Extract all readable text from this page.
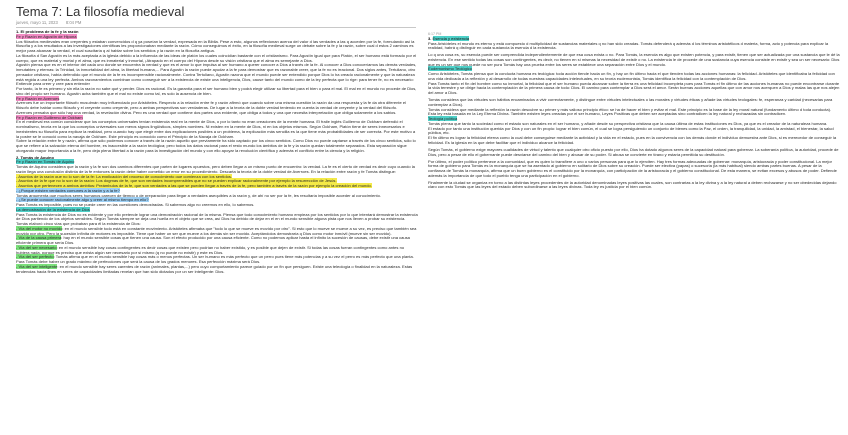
Tema 7: La filosofía medieval
jueves, mayo 11, 2023 8:04 PM

1. El problema de la fe y la razón

Fe y Razón en Agustín de Hipona

Los filósofos medievales eran creyentes y estaban convencidos d q ya poseían la verdad, expresada en la Biblia. Pese a esto, algunos reflexionan acerca del valor d las verdades a las q acceden por la fe, formulando así la filosofía y a los resultados a las investigaciones científicas les proporcionaban mediante la razón. Cómo conseguimos el éxito, en la filosofía medieval surge un debate sobre la fe y la razón, sobre cual d estos 2 caminos es mejor para alcanzar la verdad, el cual suscitaría q al hablar sobre los sentidos y la razón en la filosofía antigua.

La filosofía d San Agustín es la más aceptada a la iglesia debido a la influencia de las ideas de platón los cuales coincidían bastante con el cristianismo. Para Agustín igual que para Platón, el ser humano está formado por el cuerpo, que es material y mortal y el alma, que es inmaterial y inmortal, ¡Atrapado en el cuerpo del Hipona desde su visión cristiana que el alma es semejante a Dios.

Agustín piensa que es en el interior del cada uno donde se encuentra la verdad y que es el amor lo que impulsa al ser humano a querer conocer a Dios a través de la fe. Al conocer a Dios conoceríamos las demás verdades, inmutables y eternas: la Trinidad, la inmortalidad del alma, la libertad humana,... Para Agustín la razón puede ayudar a la fe para demostrar que es razonable creer, que la fe no es irracional. Dos siglos antes, Tertuliano, otro pensador cristiano, había defendido que el mundo de la fe es incomprensible racionalmente. Contra Tertuliano, Agustín razona que el mundo puede ser entendido porque Dios lo ha creado racionalmente y que la naturaleza está regida a una ley perfecta. Ambos razonamientos combinan como conseguir ser a la existencia de existe una inteligencia, Dios, cause tanto del mundo como de la ley perfecta que lo rige: para tener fe, no es necesario:

Entiende para creer y cree para entender

Por tanto, la fe es primero y sin ella la razón no sabe qué y perder. Dios es racional. Es la garantía para el ser humano bien y podrá elegir utilizar su libertad para el bien o para el mal. El mal en el mundo no procede de Dios, sino del propio ser humano. Agustín acha también que el mal no existe como tal, es solo la ausencia de bien.

Fe y Razón en Averroes

Averroes fue un importante filósofo musulmán muy influenciado por Aristóteles. Respecto a la relación entre fe y razón afirmó que cuando sobre una misma cuestión la razón da una respuesta y la fe da otra diferente el filósofo debe hablar como filósofo y el creyente como creyente, pero a ambas perspectivas son verdaderas. De lugar a la teoría de la doble verdad teniendo en cuenta la verdad de creyente y la verdad del filósofo.

Averroes pensaba que sólo hay una verdad, la revelación divina. Pero es una verdad que contiene dos partes una evidente, que obliga a todos y una que necesita interpretación que obliga solamente a los sabios.

Fe y Razón en Guillermo de Ockham

En el medieval era común considerar que los conceptos universales tenían existencia real en la mente de Dios, o por lo tanto no eran creaciones de la mente humana. El fraile inglés Guillermo de Ockham defendió el nominalismo, teoría en la que los conceptos universales son meros signos lingüísticos, simples nombres. Ni existen en la mente de Dios, ni en los objetos mismos. Según Ockham, Platón tiene de seres innecesarios e inexistentes su filosofía para explicar la realidad, pero cuando hay que elegir entre dos explicaciones posibles a un problema, la explicación más sencilla es la que tiene más probabilidades de ser correcta. Por este motivo a la postre se le conoció como la navaja de Ockham. Este principio es conocido como el Principio de la Navaja de Ockham.

Sobre la relación entre fe y razón, afirma que sólo podemos conocer a través de la razón aquello que previamente ha sido captado por los cinco sentidos. Como Dios no puede captarse a través de los cinco sentidos, sólo lo que se refiere a la salvación eterna del hombre, es inaccesible a la razón teológica; pero todos los datos racional para el resto mundo los ámbitos de la fe y la razón quedan totalmente separados. Esta separación sigue otorgando mayor importancia a la fe, pero deja plena libertad a la razón para la investigación del mundo y con ello apoyar la revolución científica y además el conflicto entre la ciencia y la religión.

2. Tomás de Aquino

Fe y Razón en Tomás de Aquino

Tomás de Aquino considera que la razón y la fe son dos caminos diferentes que parten de lugares opuestos, pero deben llegar a un mismo punto de encuentro: la verdad. La fe es el cierto de verdad es decir cuyo cuando la razón llega una conclusión distinta de la fe entonces la razón debe haber cometido un error en su procedimiento. Descarta la teoría de la doble verdad de Averroes. En la relación entre razón y fe Tomás distingue:

- Asuntos de la razón que no lo son de la fe: La explicación del proceso de conocimiento que comienza con los sentidos.

- Asuntos de la fe que no lo son de la razón: Los dogmas de fe, que son verdades incomprensibles que no se pueden explicar racionalmente por ejemplo la resurrección de Jesús.

- Asuntos que pertenecen a ambos ámbitos: Preámbulos de la fe, que son verdades a las que se pueden llegar a través de la fe, pero también a través de la razón por ejemplo la creación del mundo.

- ¿Porque existen verdades comunes a la razón y a la fe?

Tomás argumenta que muchos seres humanos carecen de tiempo o de preparación para llegar a verdades asequibles a la razón y, de ahí no ser por la fe, les resultaría imposible acceder al conocimiento.

- ¿Se puede conocer racionalmente algo y creer al mismo tiempo en ello?

Para Tomás es imposible, pues no se puede creer en las cuestiones demostradas. Si sabemos algo no creemos en ello, lo sabemos.

La demostración de la existencia de Dios

Para Tomás la existencia de Dios no es evidente y por ello pretende lograr una demostración racional de la misma. Piensa que todo conocimiento humano empieza por los sentidos por lo que intentará demostrar la existencia de Dios partiendo de los objetos sensibles. Según Tomás siempre se deja una huella en el objeto que se crea, así Dios ha debido de dejar en el en el mundo sensible alguna pista que nos lleven a probar su existencia. Tomás elaboró cinco vías que probaban para él la existencia de Dios:

- Vía del motor no movido: en el mundo sensible todo está en constante movimiento. Aristóteles afirmaba que "todo lo que se mueve es movido por otro". Si esto que lo mueve se mueve a su vez, es preciso que también sea movido por otro. Pero la sucesión infinita de motores es imposible. Tiene que haber un ser que mueve a los demás sin ser movido. Aceptándolos demostraría q Dios como motor inmóvil (mueve sin ser movido).

- Vía de la causa primera: hay en el mundo sensible cosas que tienen una causa. Son el efecto producido por una causa eficiente. Como no podemos aplicar hasta el infinito la sucesión de causas, debe existir una causa eficiente primera que sería Dios.

- Vía del ser necesario: en el mundo sensible hay cosas contingentes es decir cosas que existen pero podrían no haber existido, y es posible que dejen de existir. Si todas las cosas fueran contingentes como antes no hubiera nada, porque es preciso que exista algún ser necesario por sí mismo (q no puede no existir) y este es Dios.

- Vía del ser perfecto: Tomás afirma que en el mundo sensible hay cosas más o menos perfectas. Un ser humano es más perfecto que un perro pues tiene más potencias y a su vez el perro es más perfecto que una planta. Para Tomás debe haber un grado máximo de perfecciones que será la causa de los grados menores. Esa perfección máxima será Dios.

- Vía del ser inteligente: en el mundo sensible hay seres carentes de razón (animales, plantas,...) pero cuyo comportamiento parece guiado por un fin que persiguen. Existe una teleología o finalidad en la naturaleza. Estas tendencias hacia fines en seres de capacidades limitadas revelan que han sido dictados por un ser inteligente: Dios.

6:17 PM

3. Esencia y existencia

Para Aristóteles el mundo es eterno y está compuesto d multiplicidad de sustancias materiales q no han sido creadas. Tomás defenderá q además d los términos aristotélicos d materia, forma, acto y potencia para explicar la realidad, habrá q distinguir en cada sustancia la esencia d la existencia.

Lo q una cosa es, su esencia puede ser comprendida independientemente de que esa cosa exista o no. Para Tomás, la esencia es algo que existen potencia, y para existir, tienen que ser actualizada por una sustancia que le dé la existencia. En ese sentido todas las cosas son contingentes, es decir, no tienen en sí mismas la necesidad de existir o no. La existencia le de procede de una sustancia cuya esencia consiste en existir y sea un ser necesario: Dios que es un ser que nos puede no ser pura Tomás hay una prueba entre los seres se establece una separación entre Dios y el mundo.

Eudemonismo Teológico

Como Aristóteles, Tomás piensa que la conducta humana es teológica: toda acción tiende hacia un fin, y hay un fin último hacia el que tienden todas las acciones humanas: la felicidad. Aristóteles que identificaba la felicidad con una vida dedicada a la reflexión y al desarrollo de todas nuestras capacidades intelectuales, en su teoría eudemonista, Tomás identifica la felicidad con la contemplación de Dios.

Para Tomás tanto el fin del hombre como su inmortal, la felicidad que el ser humano pueda alcanzar sobre la tierra es una felicidad incompleta pues para Tomás el fin último de las acciones humanas no puede encontrarse durante la vida terrestre y se dirige hacia la contemplación de la primera causa de todo: Dios. El camino para contemplar a Dios será el amor. Serán buenas acciones aquellas que con amor nos acerquen a Dios y malas las que nos alejen del amor a Dios.

Tomás considera que las virtudes son hábitos encaminados a vivir correctamente, y distingue entre virtudes intelectuales o las morales y virtudes éticas y añade las virtudes teologales: fe, esperanza y caridad (necesarias para contemplar a Dios).

Tomás considera que mediante la reflexión la razón descubre su primer y más valioso principio ético: se ha de hacer el bien y evitar el mal. Este principio es la base de la ley moral natural (fundamento último d toda conducta).

Esta ley está basada en la Ley Eterna Divina. También existen leyes creadas por el ser humano, Leyes Positivas que deben ser aceptadas sino contradicen la ley natural y rechazadas sin contradicen.

Teología política

Tomás piensa que tanto la sociedad como el estado son naturales en el ser humano, y añade desde su perspectiva cristiana que la causa última de estas instituciones es Dios, ya que es el creador de la naturaleza humana.

El estado por tanto una institución querida por Dios y con un fin propio: lograr el bien común, el cual se logra persiguiendo un conjunto de bienes como la Paz, el orden, la tranquilidad, la unidad, la amistad, el bienestar, la salud pública, etc.

El fin último es lograr la felicidad eterna como la cual debe conseguirse mediante la actividad y la vida en el estado, pues en la convivencia con los demás donde el individuo demuestra ante Dios, si es merecedor de conseguir la felicidad. Es la iglesia en la que debe facilitar que el individuo alcance la felicidad.

Según Tomás, el gobierno exige mayores cualidades de virtud y talento que cualquier otro oficio puesto por ello, Dios ha dotado algunos seres de la capacidad natural para gobernar. La soberanía política, la autoridad, procede de Dios, pero a pesar de ello el gobernante puede desviarse del camino del bien y abusar de su poder. Si abusa se convierte en tirano y estaría permitida su destitución.

Por último, el poder político pertenece a la comunidad, que es quien lo transfiere a uno o varios personas para que lo ejerciten. Hay tres formas adecuadas de gobernar: monarquía, aristocracia y poder constitucional. La mejor forma de gobierno para Tomás es la monarquía que se ha asentado al gobierno en solitario de Dios sobre su creación. Puede ser electiva (papas) o sucesoria (la más habitual) siendo ambas partes buenas. A pesar de la confianza de Tomás la monarquía, afirma que un buen gobierno es el constituido por la monarquía, con participación de la aristocracia y el gobierno constitucional. De esta manera, se evitan excesos y abusos de poder. Defiende además la importancia de que todo el pueblo tenga una participación en el gobierno.

Finalmente la ciudad se organiza en torno a las distintas leyes procedentes de la autoridad denominadas leyes positivas las cuales, son contrarias a la ley divina y a la ley natural a deben rechazarse y no ser obedecidas dejando claro con esto Tomás que las leyes del estado deben subordinarse a las leyes divinas. Toda ley es justicia por el bien común.
